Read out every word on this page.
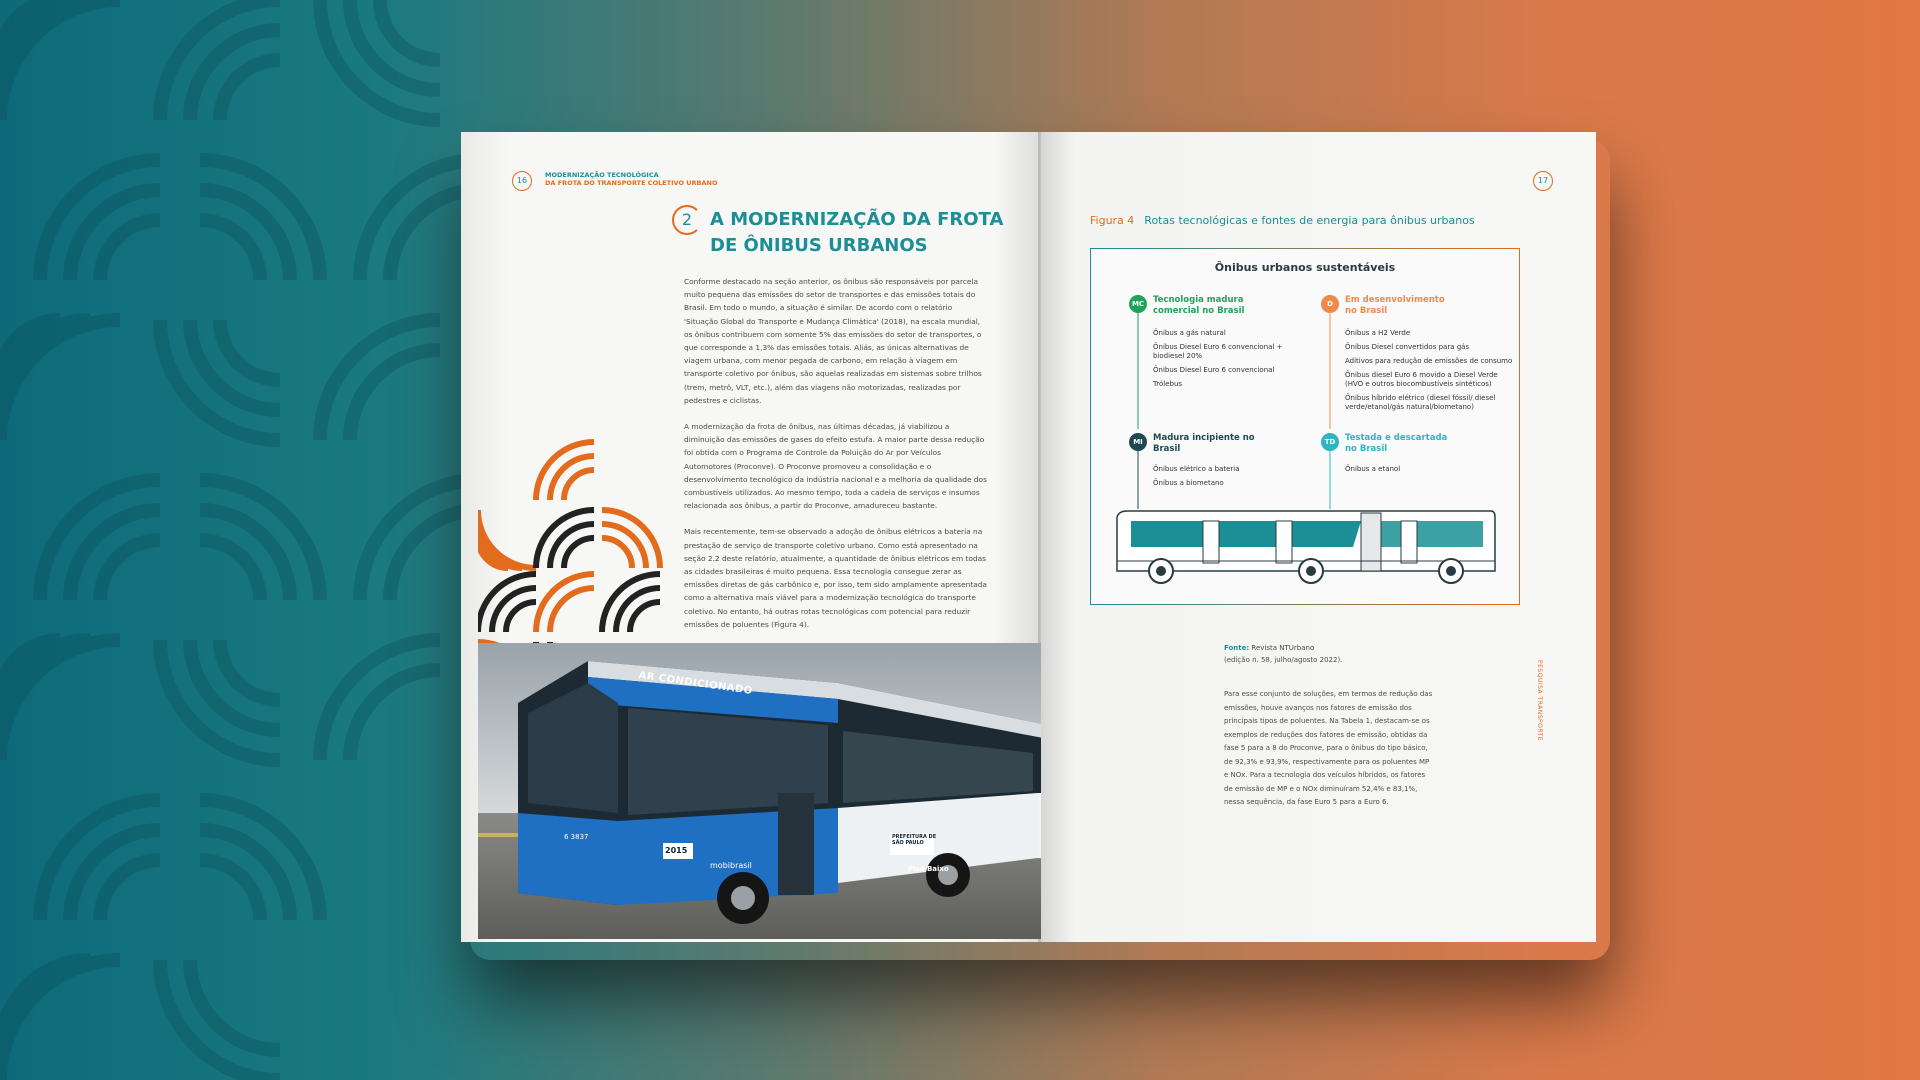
16
MODERNIZAÇÃO TECNOLÓGICA
DA FROTA DO TRANSPORTE COLETIVO URBANO
2 A MODERNIZAÇÃO DA FROTA DE ÔNIBUS URBANOS

Conforme destacado na seção anterior, os ônibus são responsáveis por parcela muito pequena das emissões do setor de transportes e das emissões totais do Brasil. Em todo o mundo, a situação é similar. De acordo com o relatório 'Situação Global do Transporte e Mudança Climática' (2018), na escala mundial, os ônibus contribuem com somente 5% das emissões do setor de transportes, o que corresponde a 1,3% das emissões totais. Aliás, as únicas alternativas de viagem urbana, com menor pegada de carbono, em relação à viagem em transporte coletivo por ônibus, são aquelas realizadas em sistemas sobre trilhos (trem, metrô, VLT, etc.), além das viagens não motorizadas, realizadas por pedestres e ciclistas.

A modernização da frota de ônibus, nas últimas décadas, já viabilizou a diminuição das emissões de gases do efeito estufa. A maior parte dessa redução foi obtida com o Programa de Controle da Poluição do Ar por Veículos Automotores (Proconve). O Proconve promoveu a consolidação e o desenvolvimento tecnológico da indústria nacional e a melhoria da qualidade dos combustíveis utilizados. Ao mesmo tempo, toda a cadeia de serviços e insumos relacionada aos ônibus, a partir do Proconve, amadureceu bastante.

Mais recentemente, tem-se observado a adoção de ônibus elétricos a bateria na prestação de serviço de transporte coletivo urbano. Como está apresentado na seção 2.2 deste relatório, atualmente, a quantidade de ônibus elétricos em todas as cidades brasileiras é muito pequena. Essa tecnologia consegue zerar as emissões diretas de gás carbônico e, por isso, tem sido amplamente apresentada como a alternativa mais viável para a modernização tecnológica do transporte coletivo. No entanto, há outras rotas tecnológicas com potencial para reduzir emissões de poluentes (Figura 4).

AR CONDICIONADO
mobibrasil
2015
6 3837	PREFEITURA DE
SÃO PAULO
Piso Baixo
17
Figura 4 Rotas tecnológicas e fontes de energia para ônibus urbanos
Ônibus urbanos sustentáveis
MC	Tecnologia madura comercial no Brasil
Ônibus a gás natural
Ônibus Diesel Euro 6 convencional + biodiesel 20%
Ônibus Diesel Euro 6 convencional
Trólebus
D	Em desenvolvimento no Brasil
Ônibus a H2 Verde
Ônibus Diesel convertidos para gás
Aditivos para redução de emissões de consumo
Ônibus diesel Euro 6 movido a Diesel Verde (HVO e outros biocombustíveis sintéticos)
Ônibus híbrido elétrico (diesel fóssil/ diesel verde/etanol/gás natural/biometano)
MI	Madura incipiente no Brasil
Ônibus elétrico a bateria
Ônibus a biometano
TD	Testada e descartada no Brasil
Ônibus a etanol
Fonte: Revista NTUrbano
(edição n. 58, julho/agosto 2022).
Para esse conjunto de soluções, em termos de redução das emissões, houve avanços nos fatores de emissão dos principais tipos de poluentes. Na Tabela 1, destacam-se os exemplos de reduções dos fatores de emissão, obtidas da fase 5 para a 8 do Proconve, para o ônibus do tipo básico, de 92,3% e 93,9%, respectivamente para os poluentes MP e NOx. Para a tecnologia dos veículos híbridos, os fatores de emissão de MP e o NOx diminuíram 52,4% e 83,1%, nessa sequência, da fase Euro 5 para a Euro 6.
PESQUISA TRANSPORTE
